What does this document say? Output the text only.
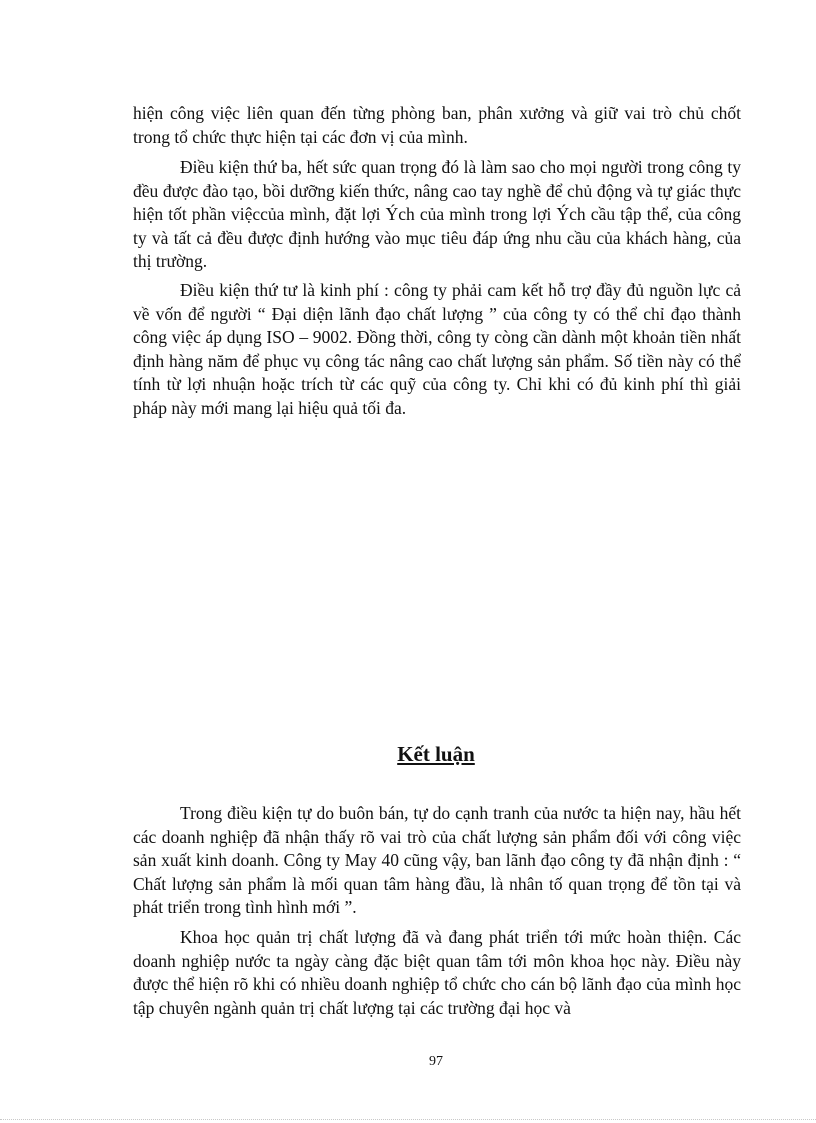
hiện công việc liên quan đến từng phòng ban, phân xưởng và giữ vai trò chủ chốt trong tổ chức thực hiện tại các đơn vị của mình.

Điều kiện thứ ba, hết sức quan trọng đó là làm sao cho mọi người trong công ty đều được đào tạo, bồi dưỡng kiến thức, nâng cao tay nghề để chủ động và tự giác thực hiện tốt phần việccủa mình, đặt lợi Ých của mình trong lợi Ých cầu tập thể, của công ty và tất cả đều được định hướng vào mục tiêu đáp ứng nhu cầu của khách hàng, của thị trường.

Điều kiện thứ tư là kinh phí : công ty phải cam kết hỗ trợ đầy đủ nguồn lực cả về vốn để người “ Đại diện lãnh đạo chất lượng ” của công ty có thể chỉ đạo thành công việc áp dụng ISO – 9002. Đồng thời, công ty còng cần dành một khoản tiền nhất định hàng năm để phục vụ công tác nâng cao chất lượng sản phẩm. Số tiền này có thể tính từ lợi nhuận hoặc trích từ các quỹ của công ty. Chỉ khi có đủ kinh phí thì giải pháp này mới mang lại hiệu quả tối đa.

Kết luận

Trong điều kiện tự do buôn bán, tự do cạnh tranh của nước ta hiện nay, hầu hết các doanh nghiệp đã nhận thấy rõ vai trò của chất lượng sản phẩm đối với công việc sản xuất kinh doanh. Công ty May 40 cũng vậy, ban lãnh đạo công ty đã nhận định : “ Chất lượng sản phẩm là mối quan tâm hàng đầu, là nhân tố quan trọng để tồn tại và phát triển trong tình hình mới ”.

Khoa học quản trị chất lượng đã và đang phát triển tới mức hoàn thiện. Các doanh nghiệp nước ta ngày càng đặc biệt quan tâm tới môn khoa học này. Điều này được thể hiện rõ khi có nhiều doanh nghiệp tổ chức cho cán bộ lãnh đạo của mình học tập chuyên ngành quản trị chất lượng tại các trường đại học và

97
